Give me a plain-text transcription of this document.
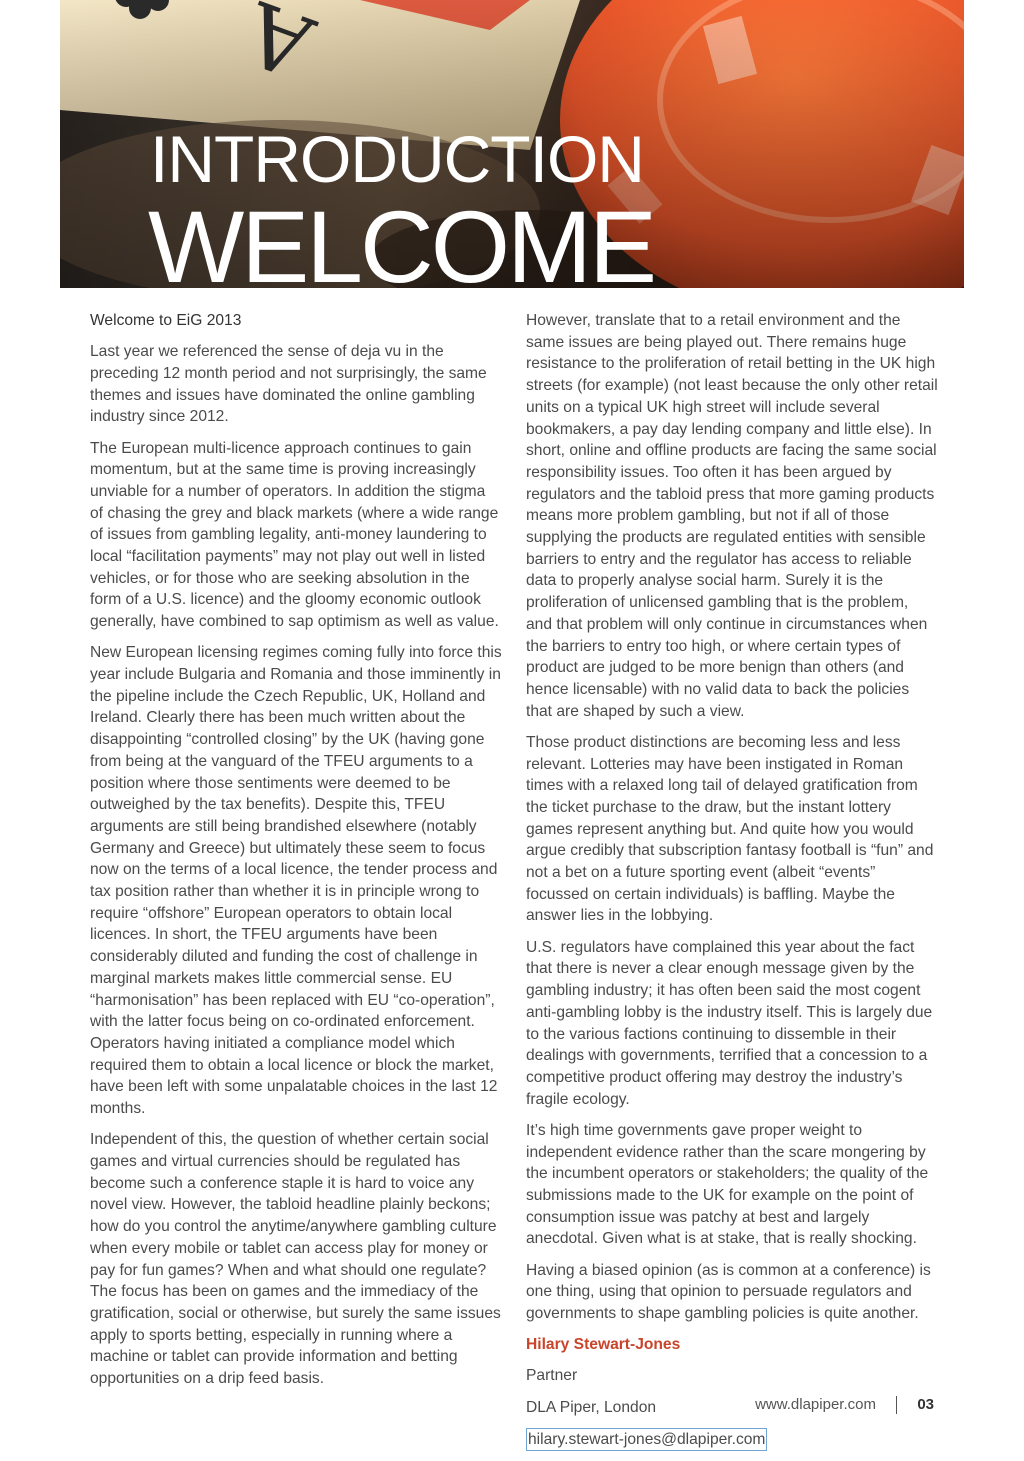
INTRODUCTION
WELCOME

Welcome to EiG 2013

Last year we referenced the sense of deja vu in the preceding 12 month period and not surprisingly, the same themes and issues have dominated the online gambling industry since 2012.

The European multi-licence approach continues to gain momentum, but at the same time is proving increasingly unviable for a number of operators. In addition the stigma of chasing the grey and black markets (where a wide range of issues from gambling legality, anti-money laundering to local “facilitation payments” may not play out well in listed vehicles, or for those who are seeking absolution in the form of a U.S. licence) and the gloomy economic outlook generally, have combined to sap optimism as well as value.

New European licensing regimes coming fully into force this year include Bulgaria and Romania and those imminently in the pipeline include the Czech Republic, UK, Holland and Ireland. Clearly there has been much written about the disappointing “controlled closing” by the UK (having gone from being at the vanguard of the TFEU arguments to a position where those sentiments were deemed to be outweighed by the tax benefits). Despite this, TFEU arguments are still being brandished elsewhere (notably Germany and Greece) but ultimately these seem to focus now on the terms of a local licence, the tender process and tax position rather than whether it is in principle wrong to require “offshore” European operators to obtain local licences. In short, the TFEU arguments have been considerably diluted and funding the cost of challenge in marginal markets makes little commercial sense. EU “harmonisation” has been replaced with EU “co-operation”, with the latter focus being on co-ordinated enforcement. Operators having initiated a compliance model which required them to obtain a local licence or block the market, have been left with some unpalatable choices in the last 12 months.

Independent of this, the question of whether certain social games and virtual currencies should be regulated has become such a conference staple it is hard to voice any novel view. However, the tabloid headline plainly beckons; how do you control the anytime/anywhere gambling culture when every mobile or tablet can access play for money or pay for fun games? When and what should one regulate? The focus has been on games and the immediacy of the gratification, social or otherwise, but surely the same issues apply to sports betting, especially in running where a machine or tablet can provide information and betting opportunities on a drip feed basis.

However, translate that to a retail environment and the same issues are being played out. There remains huge resistance to the proliferation of retail betting in the UK high streets (for example) (not least because the only other retail units on a typical UK high street will include several bookmakers, a pay day lending company and little else). In short, online and offline products are facing the same social responsibility issues. Too often it has been argued by regulators and the tabloid press that more gaming products means more problem gambling, but not if all of those supplying the products are regulated entities with sensible barriers to entry and the regulator has access to reliable data to properly analyse social harm. Surely it is the proliferation of unlicensed gambling that is the problem, and that problem will only continue in circumstances when the barriers to entry too high, or where certain types of product are judged to be more benign than others (and hence licensable) with no valid data to back the policies that are shaped by such a view.

Those product distinctions are becoming less and less relevant. Lotteries may have been instigated in Roman times with a relaxed long tail of delayed gratification from the ticket purchase to the draw, but the instant lottery games represent anything but. And quite how you would argue credibly that subscription fantasy football is “fun” and not a bet on a future sporting event (albeit “events” focussed on certain individuals) is baffling. Maybe the answer lies in the lobbying.

U.S. regulators have complained this year about the fact that there is never a clear enough message given by the gambling industry; it has often been said the most cogent anti-gambling lobby is the industry itself. This is largely due to the various factions continuing to dissemble in their dealings with governments, terrified that a concession to a competitive product offering may destroy the industry’s fragile ecology.

It’s high time governments gave proper weight to independent evidence rather than the scare mongering by the incumbent operators or stakeholders; the quality of the submissions made to the UK for example on the point of consumption issue was patchy at best and largely anecdotal. Given what is at stake, that is really shocking.

Having a biased opinion (as is common at a conference) is one thing, using that opinion to persuade regulators and governments to shape gambling policies is quite another.

Hilary Stewart-Jones

Partner

DLA Piper, London

hilary.stewart-jones@dlapiper.com

www.dlapiper.com	03
